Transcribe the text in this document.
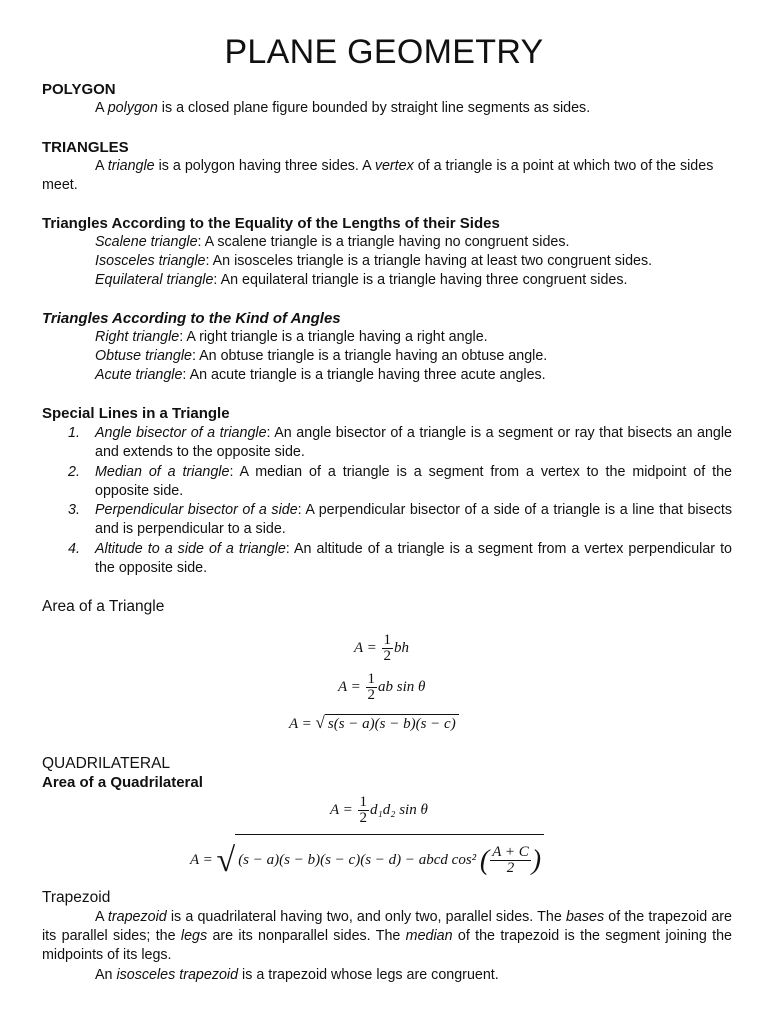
PLANE GEOMETRY
POLYGON
A polygon is a closed plane figure bounded by straight line segments as sides.
TRIANGLES
A triangle is a polygon having three sides. A vertex of a triangle is a point at which two of the sides meet.
Triangles According to the Equality of the Lengths of their Sides
Scalene triangle: A scalene triangle is a triangle having no congruent sides.
Isosceles triangle: An isosceles triangle is a triangle having at least two congruent sides.
Equilateral triangle: An equilateral triangle is a triangle having three congruent sides.
Triangles According to the Kind of Angles
Right triangle: A right triangle is a triangle having a right angle.
Obtuse triangle: An obtuse triangle is a triangle having an obtuse angle.
Acute triangle: An acute triangle is a triangle having three acute angles.
Special Lines in a Triangle
1. Angle bisector of a triangle: An angle bisector of a triangle is a segment or ray that bisects an angle and extends to the opposite side.
2. Median of a triangle: A median of a triangle is a segment from a vertex to the midpoint of the opposite side.
3. Perpendicular bisector of a side: A perpendicular bisector of a side of a triangle is a line that bisects and is perpendicular to a side.
4. Altitude to a side of a triangle: An altitude of a triangle is a segment from a vertex perpendicular to the opposite side.
Area of a Triangle
$A = \frac{1}{2}$ bh
$A = \frac{1}{2}$ ab sin θ
A = √ s(s − a)(s − b)(s − c)
QUADRILATERAL
Area of a Quadrilateral
$A = \frac{1}{2} d_1d_2$ sin θ
A = √ (s − a)(s − b)(s − c)(s − d) − abcd cos² ( $\frac{A + C}{2}$ )
Trapezoid
A trapezoid is a quadrilateral having two, and only two, parallel sides. The bases of the trapezoid are its parallel sides; the legs are its nonparallel sides. The median of the trapezoid is the segment joining the midpoints of its legs.
An isosceles trapezoid is a trapezoid whose legs are congruent.
